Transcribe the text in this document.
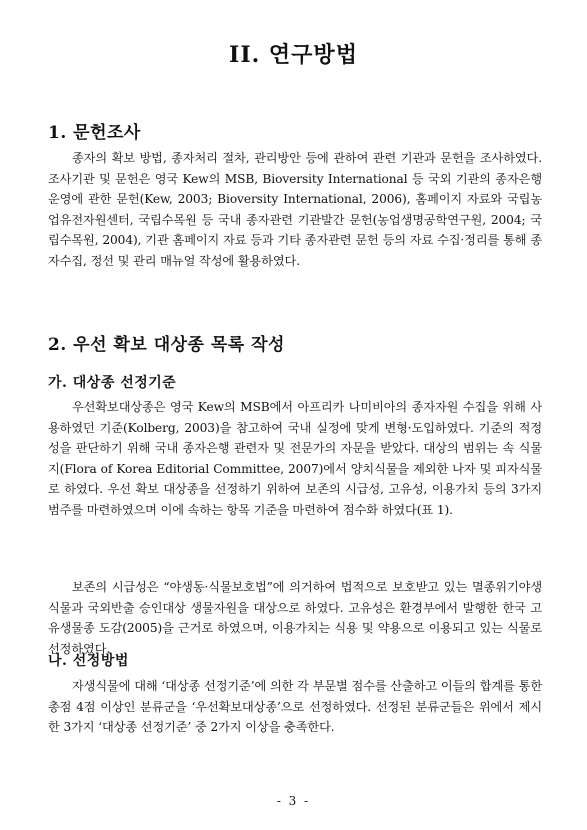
II. 연구방법
1. 문헌조사

종자의 확보 방법, 종자처리 절차, 관리방안 등에 관하여 관련 기관과 문헌을 조사하였다. 조사기관 및 문헌은 영국 Kew의 MSB, Bioversity International 등 국외 기관의 종자은행 운영에 관한 문헌(Kew, 2003; Bioversity International, 2006), 홈페이지 자료와 국립농업유전자원센터, 국립수목원 등 국내 종자관련 기관발간 문헌(농업생명공학연구원, 2004; 국립수목원, 2004), 기관 홈페이지 자료 등과 기타 종자관련 문헌 등의 자료 수집·정리를 통해 종자수집, 정선 및 관리 매뉴얼 작성에 활용하였다.

2. 우선 확보 대상종 목록 작성
가. 대상종 선정기준

우선확보대상종은 영국 Kew의 MSB에서 아프리카 나미비아의 종자자원 수집을 위해 사용하였던 기준(Kolberg, 2003)을 참고하여 국내 실정에 맞게 변형·도입하였다. 기준의 적정성을 판단하기 위해 국내 종자은행 관련자 및 전문가의 자문을 받았다. 대상의 범위는 속 식물지(Flora of Korea Editorial Committee, 2007)에서 양치식물을 제외한 나자 및 피자식물로 하였다. 우선 확보 대상종을 선정하기 위하여 보존의 시급성, 고유성, 이용가치 등의 3가지 범주를 마련하였으며 이에 속하는 항목 기준을 마련하여 점수화 하였다(표 1).

보존의 시급성은 “야생동·식물보호법”에 의거하여 법적으로 보호받고 있는 멸종위기야생식물과 국외반출 승인대상 생물자원을 대상으로 하였다. 고유성은 환경부에서 발행한 한국 고유생물종 도감(2005)을 근거로 하였으며, 이용가치는 식용 및 약용으로 이용되고 있는 식물로 선정하였다.

나. 선정방법

자생식물에 대해 ‘대상종 선정기준’에 의한 각 부문별 점수를 산출하고 이들의 합계를 통한 총점 4점 이상인 분류군을 ‘우선확보대상종’으로 선정하였다. 선정된 분류군들은 위에서 제시한 3가지 ‘대상종 선정기준’ 중 2가지 이상을 충족한다.

- 3 -
